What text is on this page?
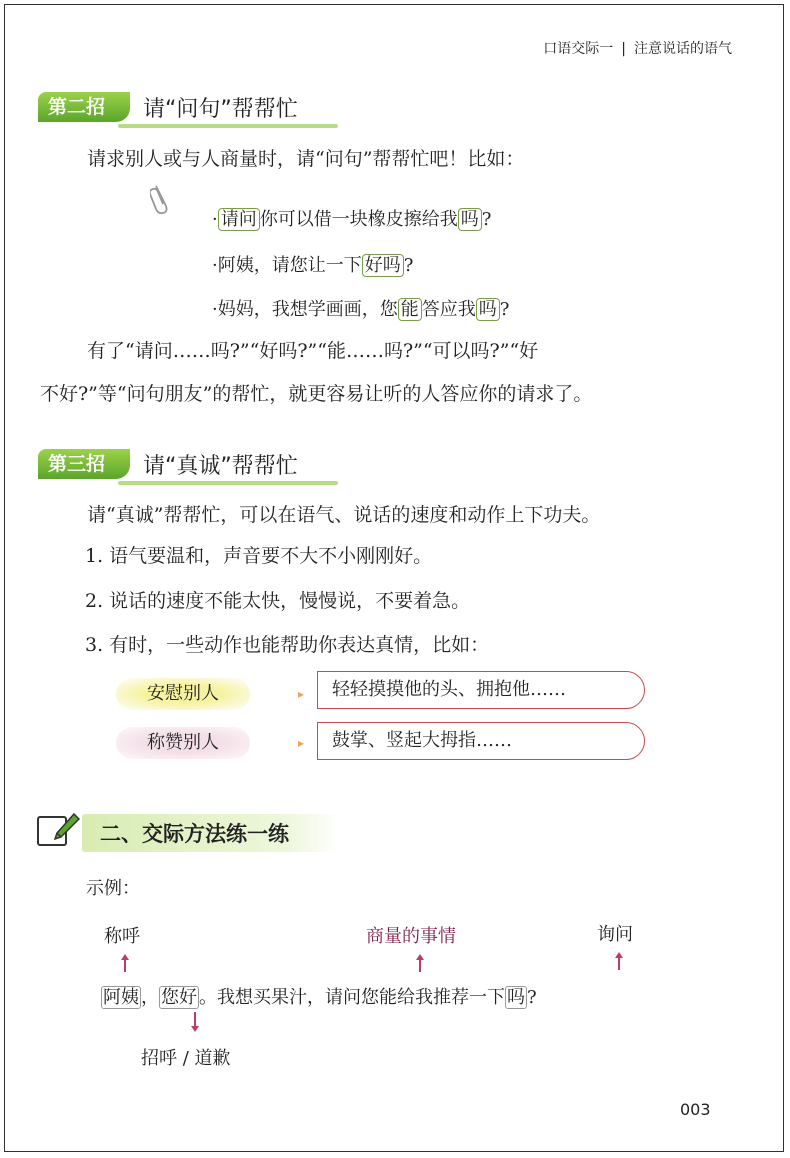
口语交际一 | 注意说话的语气
第二招	请“问句”帮帮忙
请求别人或与人商量时，请“问句”帮帮忙吧！比如：
· 请问 你可以借一块橡皮擦给我 吗 ?
·阿姨，请您让一下 好吗 ?
·妈妈，我想学画画，您 能 答应我 吗 ?
有了“请问……吗?”“好吗?”“能……吗?”“可以吗?”“好
不好?”等“问句朋友”的帮忙，就更容易让听的人答应你的请求了。
第三招	请“真诚”帮帮忙
请“真诚”帮帮忙，可以在语气、说话的速度和动作上下功夫。
1. 语气要温和，声音要不大不小刚刚好。
2. 说话的速度不能太快，慢慢说，不要着急。
3. 有时，一些动作也能帮助你表达真情，比如：
安慰别人	▸	轻轻摸摸他的头、拥抱他……
称赞别人	▸	鼓掌、竖起大拇指……
二、交际方法练一练
示例：
称呼	商量的事情	询问
阿姨 ， 您好 。我想买果汁，请问您能给我推荐一下 吗 ?
招呼 / 道歉
003
